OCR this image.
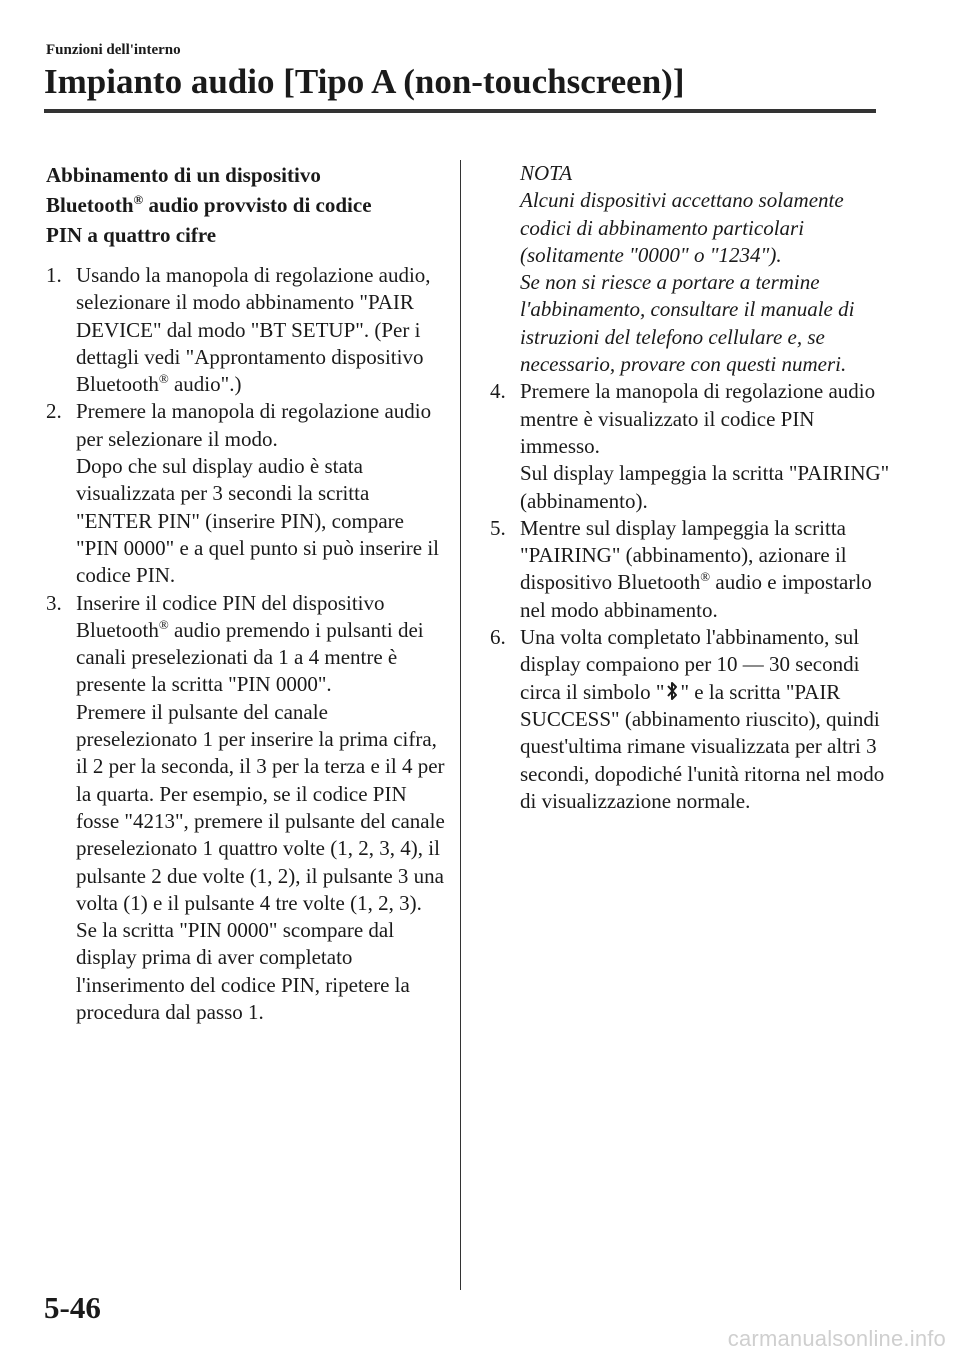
Funzioni dell'interno
Impianto audio [Tipo A (non-touchscreen)]
Abbinamento di un dispositivo
Bluetooth® audio provvisto di codice
PIN a quattro cifre
1. Usando la manopola di regolazione audio, selezionare il modo abbinamento "PAIR DEVICE" dal modo "BT SETUP". (Per i dettagli vedi "Approntamento dispositivo Bluetooth® audio".)
2. Premere la manopola di regolazione audio per selezionare il modo.
Dopo che sul display audio è stata visualizzata per 3 secondi la scritta "ENTER PIN" (inserire PIN), compare "PIN 0000" e a quel punto si può inserire il codice PIN.
3. Inserire il codice PIN del dispositivo Bluetooth® audio premendo i pulsanti dei canali preselezionati da 1 a 4 mentre è presente la scritta "PIN 0000".
Premere il pulsante del canale preselezionato 1 per inserire la prima cifra, il 2 per la seconda, il 3 per la terza e il 4 per la quarta. Per esempio, se il codice PIN fosse "4213", premere il pulsante del canale preselezionato 1 quattro volte (1, 2, 3, 4), il pulsante 2 due volte (1, 2), il pulsante 3 una volta (1) e il pulsante 4 tre volte (1, 2, 3). Se la scritta "PIN 0000" scompare dal display prima di aver completato l'inserimento del codice PIN, ripetere la procedura dal passo 1.
NOTA
Alcuni dispositivi accettano solamente codici di abbinamento particolari (solitamente "0000" o "1234").
Se non si riesce a portare a termine l'abbinamento, consultare il manuale di istruzioni del telefono cellulare e, se necessario, provare con questi numeri.
4. Premere la manopola di regolazione audio mentre è visualizzato il codice PIN immesso.
Sul display lampeggia la scritta "PAIRING" (abbinamento).
5. Mentre sul display lampeggia la scritta "PAIRING" (abbinamento), azionare il dispositivo Bluetooth® audio e impostarlo nel modo abbinamento.
6. Una volta completato l'abbinamento, sul display compaiono per 10 — 30 secondi circa il simbolo " " e la scritta "PAIR SUCCESS" (abbinamento riuscito), quindi quest'ultima rimane visualizzata per altri 3 secondi, dopodiché l'unità ritorna nel modo di visualizzazione normale.
5-46
carmanualsonline.info
